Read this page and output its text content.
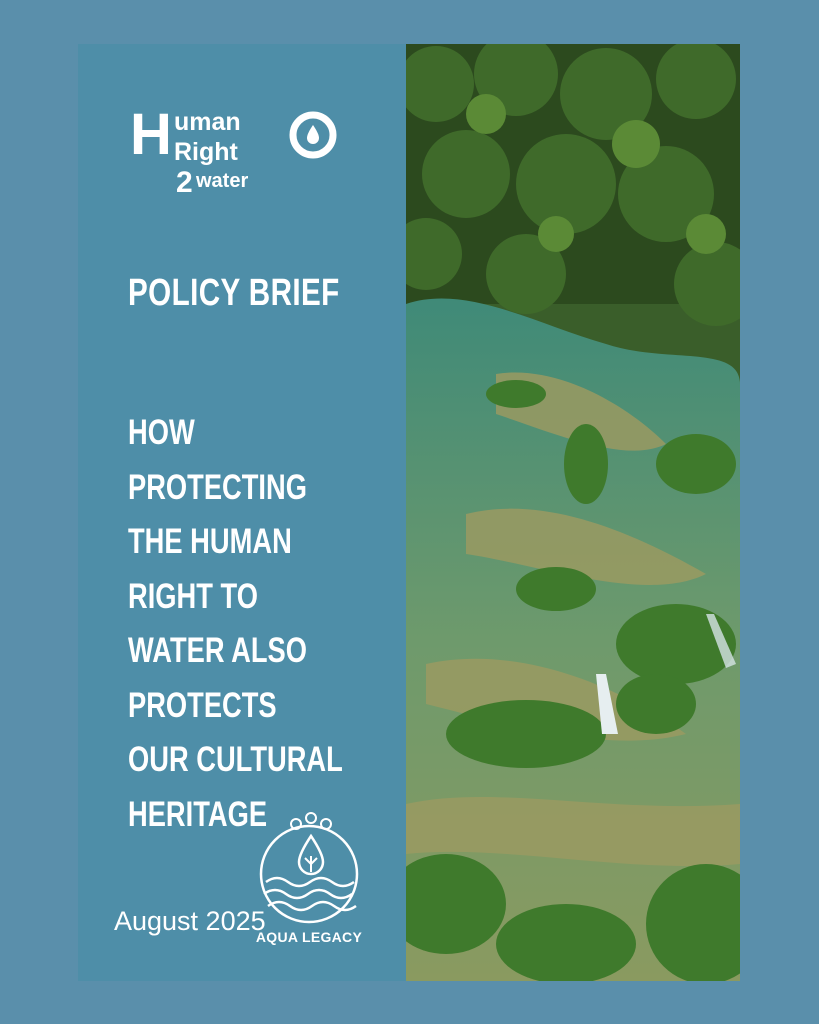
H uman
Right
2 water
POLICY BRIEF
HOW
PROTECTING
THE HUMAN
RIGHT TO
WATER ALSO
PROTECTS
OUR CULTURAL
HERITAGE
August 2025
AQUA LEGACY
